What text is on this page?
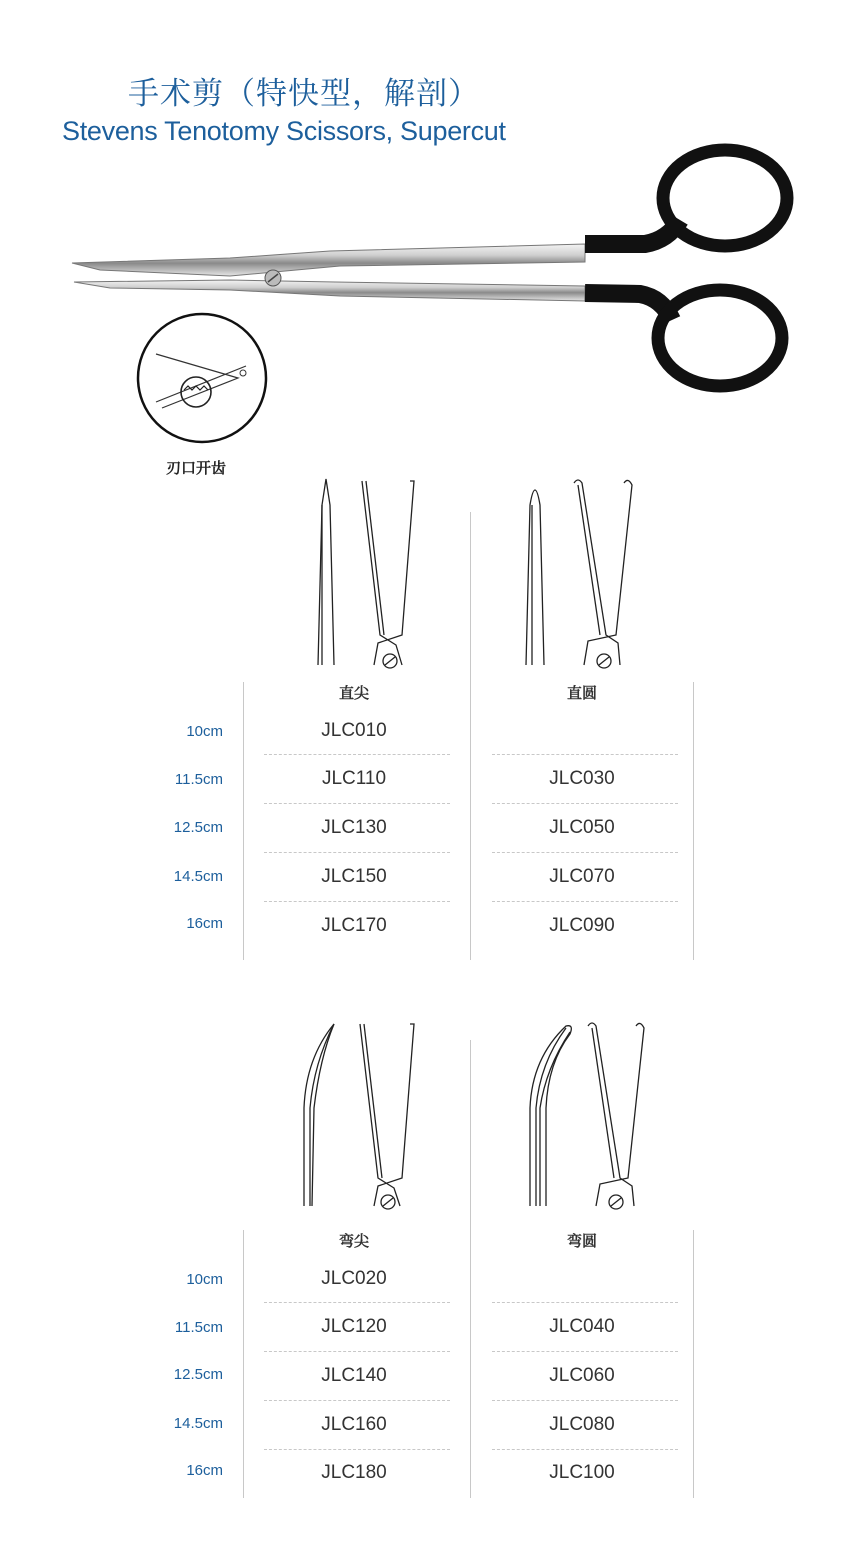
手术剪（特快型，解剖）
Stevens Tenotomy Scissors, Supercut
刃口开齿
直尖	直圆
10cm	JLC010
11.5cm	JLC110	JLC030
12.5cm	JLC130	JLC050
14.5cm	JLC150	JLC070
16cm	JLC170	JLC090
弯尖	弯圆
10cm	JLC020
11.5cm	JLC120	JLC040
12.5cm	JLC140	JLC060
14.5cm	JLC160	JLC080
16cm	JLC180	JLC100
